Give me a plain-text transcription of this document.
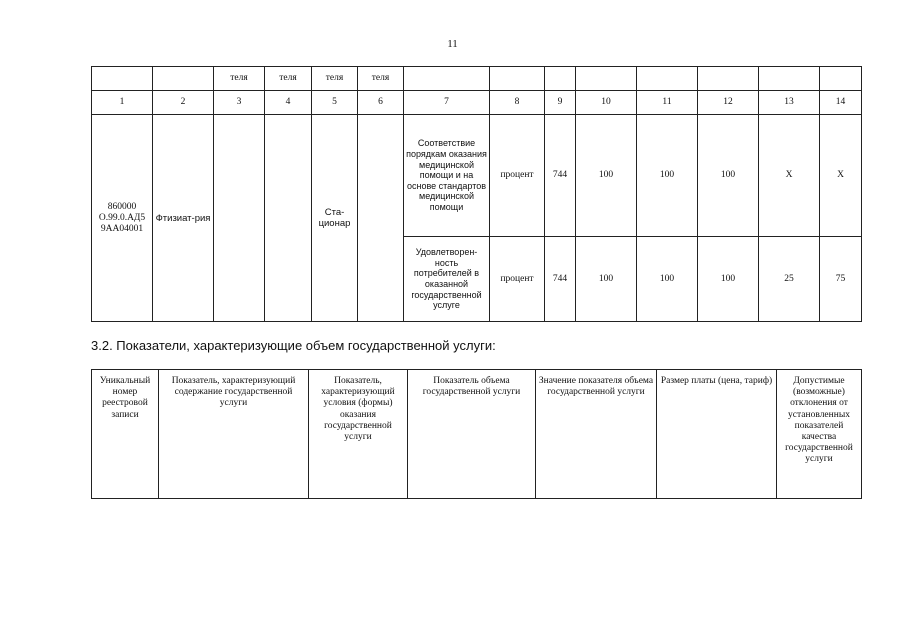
11
		теля	теля	теля	теля								
1	2	3	4	5	6	7	8	9	10	11	12	13	14
860000 О.99.0.АД5 9АА04001	Фтизиат-рия			Ста-ционар		Соответствие порядкам оказания медицинской помощи и на основе стандартов медицинской помощи	процент	744	100	100	100	Х	Х
						Удовлетворен-ность потребителей в оказанной государственной услуге	процент	744	100	100	100	25	75
3.2. Показатели, характеризующие объем государственной услуги:
Уникальный номер реестровой записи	Показатель, характеризующий содержание государственной услуги	Показатель, характеризующий условия (формы) оказания государственной услуги	Показатель объема государственной услуги	Значение показателя объема государственной услуги	Размер платы (цена, тариф)	Допустимые (возможные) отклонения от установленных показателей качества государственной услуги
